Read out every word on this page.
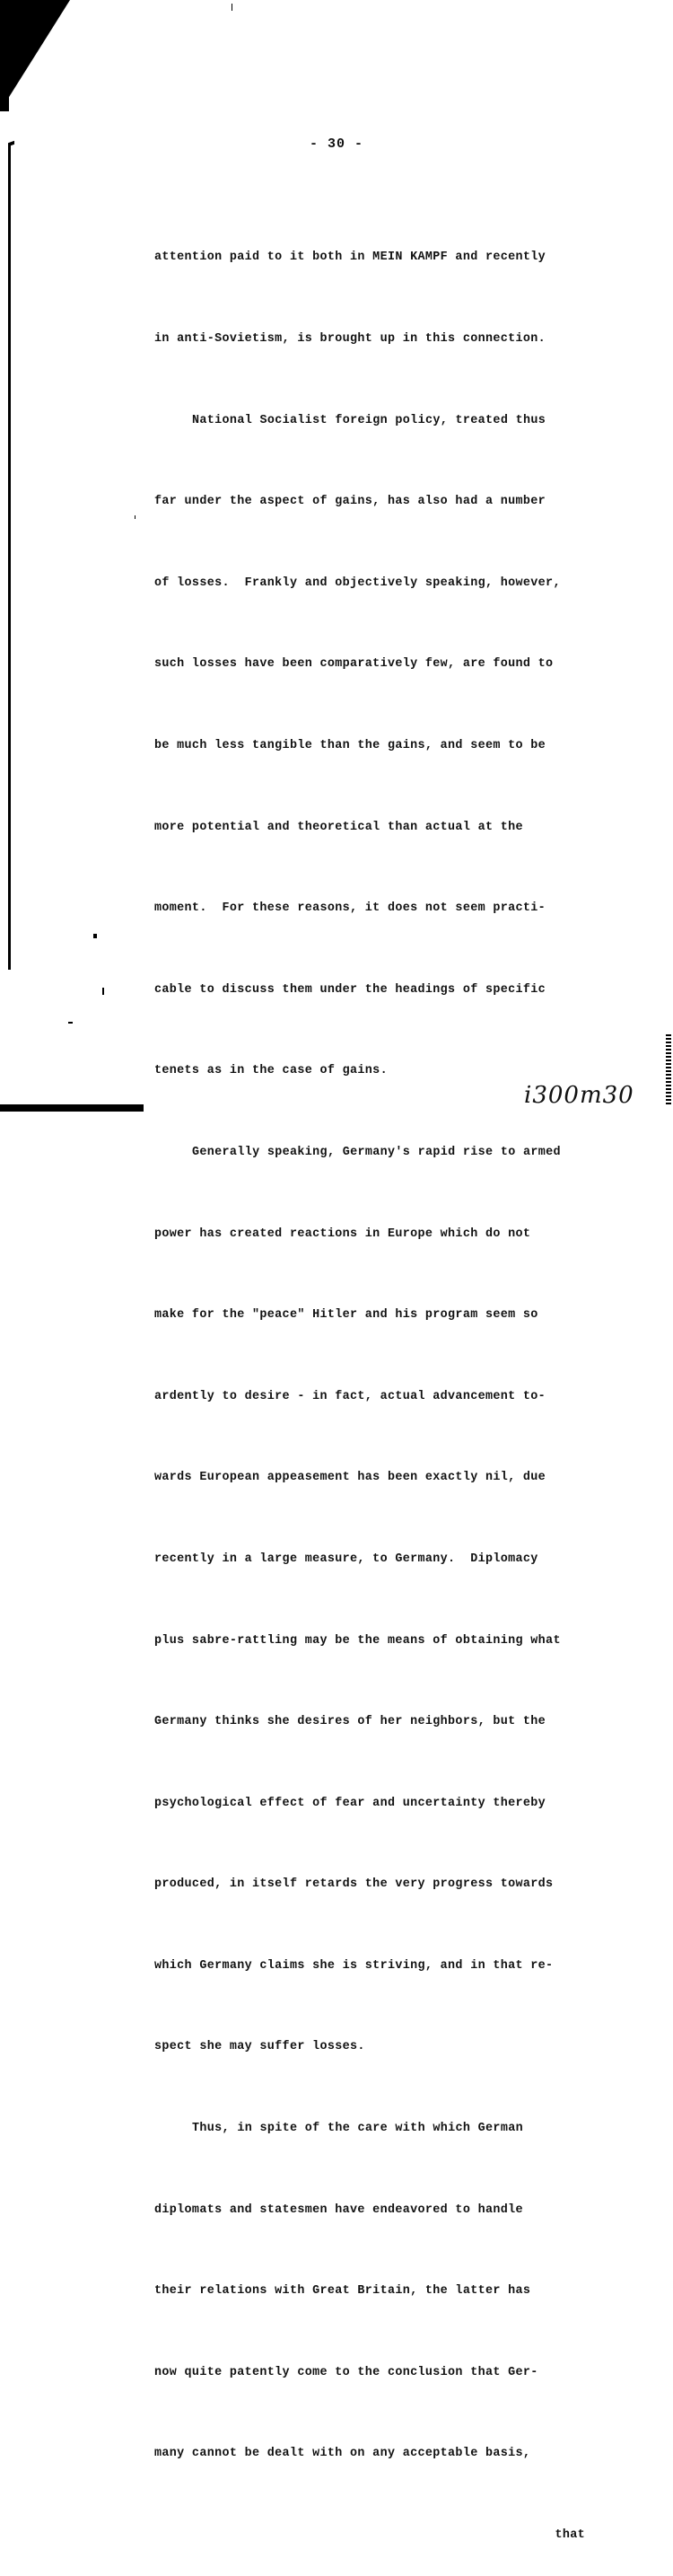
- 30 -

attention paid to it both in MEIN KAMPF and recently

in anti-Sovietism, is brought up in this connection.

National Socialist foreign policy, treated thus

far under the aspect of gains, has also had a number

of losses.  Frankly and objectively speaking, however,

such losses have been comparatively few, are found to

be much less tangible than the gains, and seem to be

more potential and theoretical than actual at the

moment.  For these reasons, it does not seem practi-

cable to discuss them under the headings of specific

tenets as in the case of gains.

Generally speaking, Germany's rapid rise to armed

power has created reactions in Europe which do not

make for the "peace" Hitler and his program seem so

ardently to desire - in fact, actual advancement to-

wards European appeasement has been exactly nil, due

recently in a large measure, to Germany.  Diplomacy

plus sabre-rattling may be the means of obtaining what

Germany thinks she desires of her neighbors, but the

psychological effect of fear and uncertainty thereby

produced, in itself retards the very progress towards

which Germany claims she is striving, and in that re-

spect she may suffer losses.

Thus, in spite of the care with which German

diplomats and statesmen have endeavored to handle

their relations with Great Britain, the latter has

now quite patently come to the conclusion that Ger-

many cannot be dealt with on any acceptable basis,

that

i300m30
